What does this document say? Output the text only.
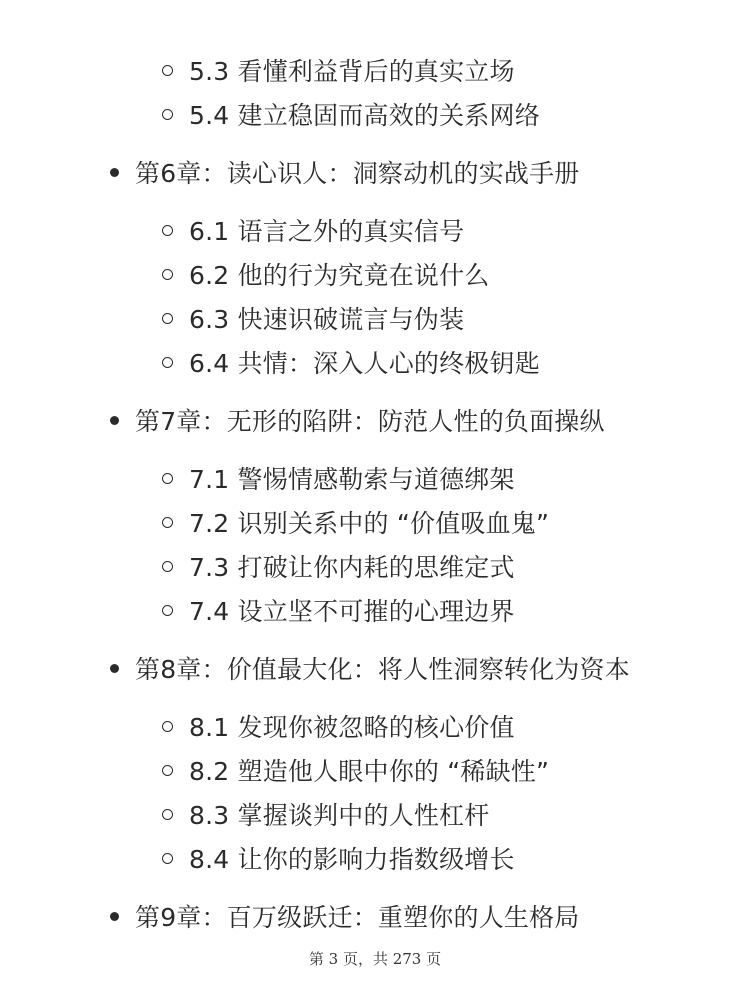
5.3 看懂利益背后的真实立场
5.4 建立稳固而高效的关系网络
第6章：读心识人：洞察动机的实战手册
6.1 语言之外的真实信号
6.2 他的行为究竟在说什么
6.3 快速识破谎言与伪装
6.4 共情：深入人心的终极钥匙
第7章：无形的陷阱：防范人性的负面操纵
7.1 警惕情感勒索与道德绑架
7.2 识别关系中的 “价值吸血鬼”
7.3 打破让你内耗的思维定式
7.4 设立坚不可摧的心理边界
第8章：价值最大化：将人性洞察转化为资本
8.1 发现你被忽略的核心价值
8.2 塑造他人眼中你的 “稀缺性”
8.3 掌握谈判中的人性杠杆
8.4 让你的影响力指数级增长
第9章：百万级跃迁：重塑你的人生格局
第 3 页，共 273 页
